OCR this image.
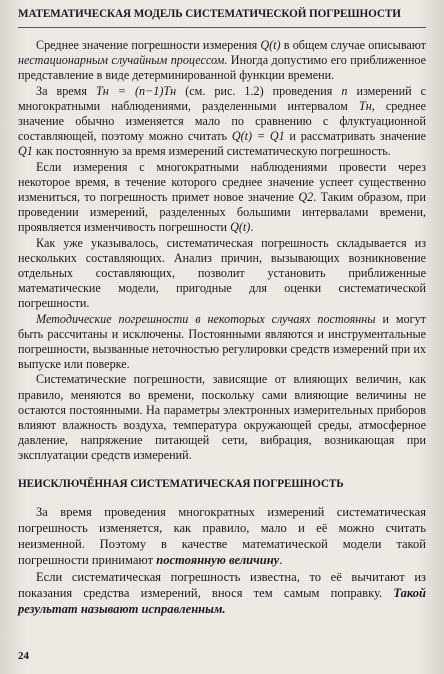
МАТЕМАТИЧЕСКАЯ МОДЕЛЬ СИСТЕМАТИЧЕСКОЙ ПОГРЕШНОСТИ

Среднее значение погрешности измерения Q(t) в общем случае описывают нестационарным случайным процессом. Иногда допустимо его приближенное представление в виде детерминированной функции времени.

За время Tн = (n−1)Tн (см. рис. 1.2) проведения n измерений с многократными наблюдениями, разделенными интервалом Tн, среднее значение обычно изменяется мало по сравнению с флуктуационной составляющей, поэтому можно считать Q(t) = Q1 и рассматривать значение Q1 как постоянную за время измерений систематическую погрешность.

Если измерения с многократными наблюдениями провести через некоторое время, в течение которого среднее значение успеет существенно измениться, то погрешность примет новое значение Q2. Таким образом, при проведении измерений, разделенных большими интервалами времени, проявляется изменчивость погрешности Q(t).

Как уже указывалось, систематическая погрешность складывается из нескольких составляющих. Анализ причин, вызывающих возникновение отдельных составляющих, позволит установить приближенные математические модели, пригодные для оценки систематической погрешности.

Методические погрешности в некоторых случаях постоянны и могут быть рассчитаны и исключены. Постоянными являются и инструментальные погрешности, вызванные неточностью регулировки средств измерений при их выпуске или поверке.

Систематические погрешности, зависящие от влияющих величин, как правило, меняются во времени, поскольку сами влияющие величины не остаются постоянными. На параметры электронных измерительных приборов влияют влажность воздуха, температура окружающей среды, атмосферное давление, напряжение питающей сети, вибрация, возникающая при эксплуатации средств измерений.

НЕИСКЛЮЧЁННАЯ СИСТЕМАТИЧЕСКАЯ ПОГРЕШНОСТЬ

За время проведения многократных измерений систематическая погрешность изменяется, как правило, мало и её можно считать неизменной. Поэтому в качестве математической модели такой погрешности принимают постоянную величину.

Если систематическая погрешность известна, то её вычитают из показания средства измерений, внося тем самым поправку. Такой результат называют исправленным.

24
